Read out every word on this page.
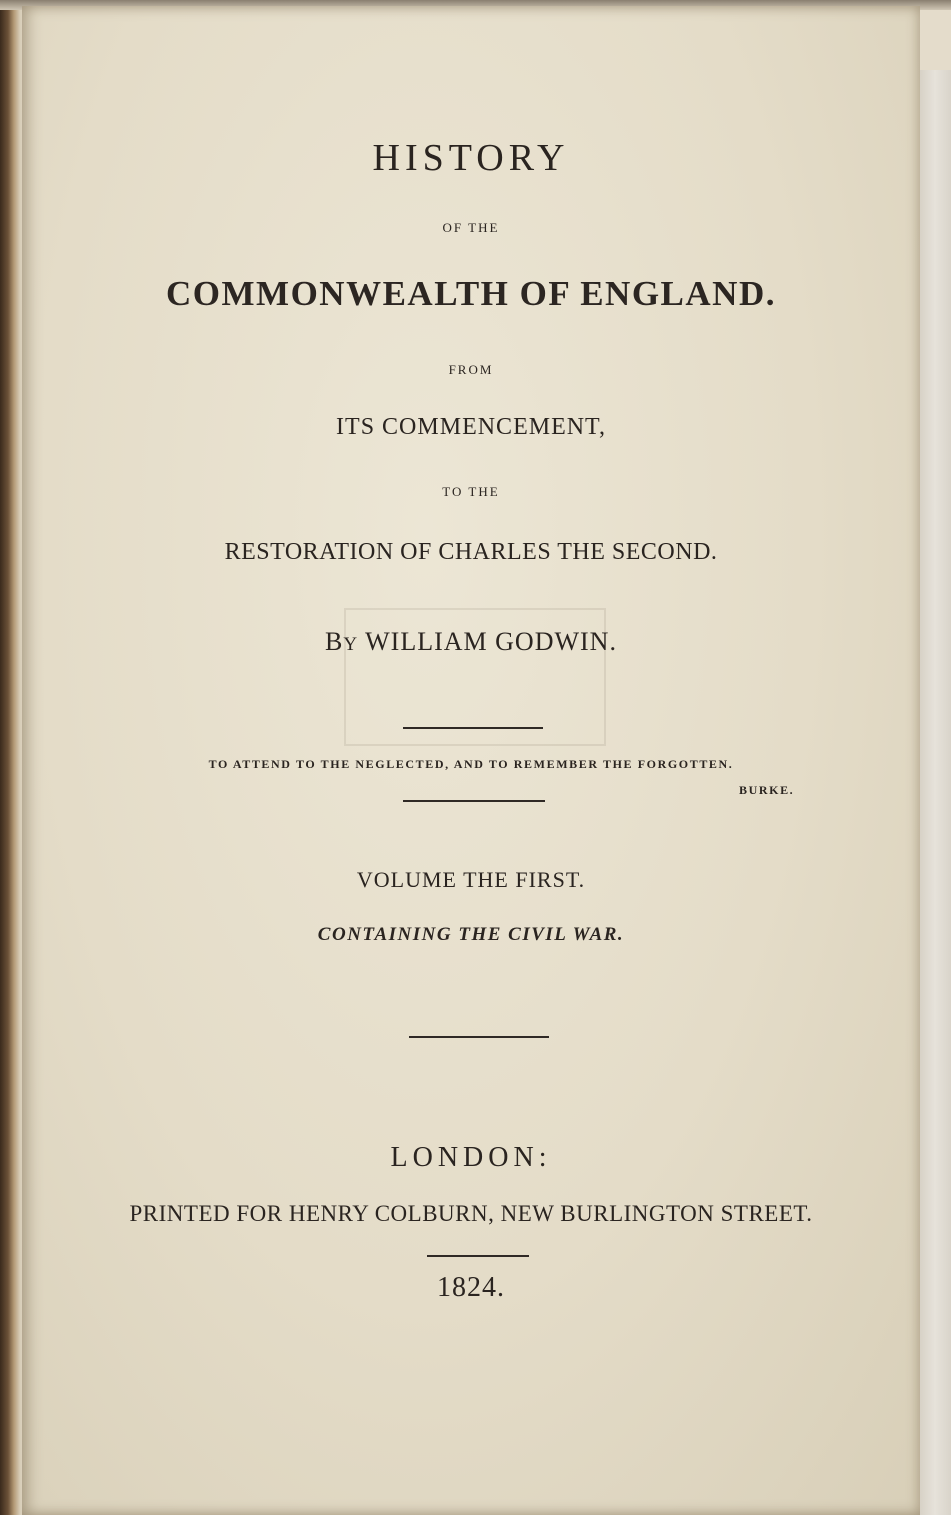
HISTORY
OF THE
COMMONWEALTH OF ENGLAND.
FROM
ITS COMMENCEMENT,
TO THE
RESTORATION OF CHARLES THE SECOND.
BY WILLIAM GODWIN.
TO ATTEND TO THE NEGLECTED, AND TO REMEMBER THE FORGOTTEN.
BURKE.
VOLUME THE FIRST.
CONTAINING THE CIVIL WAR.
LONDON:
PRINTED FOR HENRY COLBURN, NEW BURLINGTON STREET.
1824.
